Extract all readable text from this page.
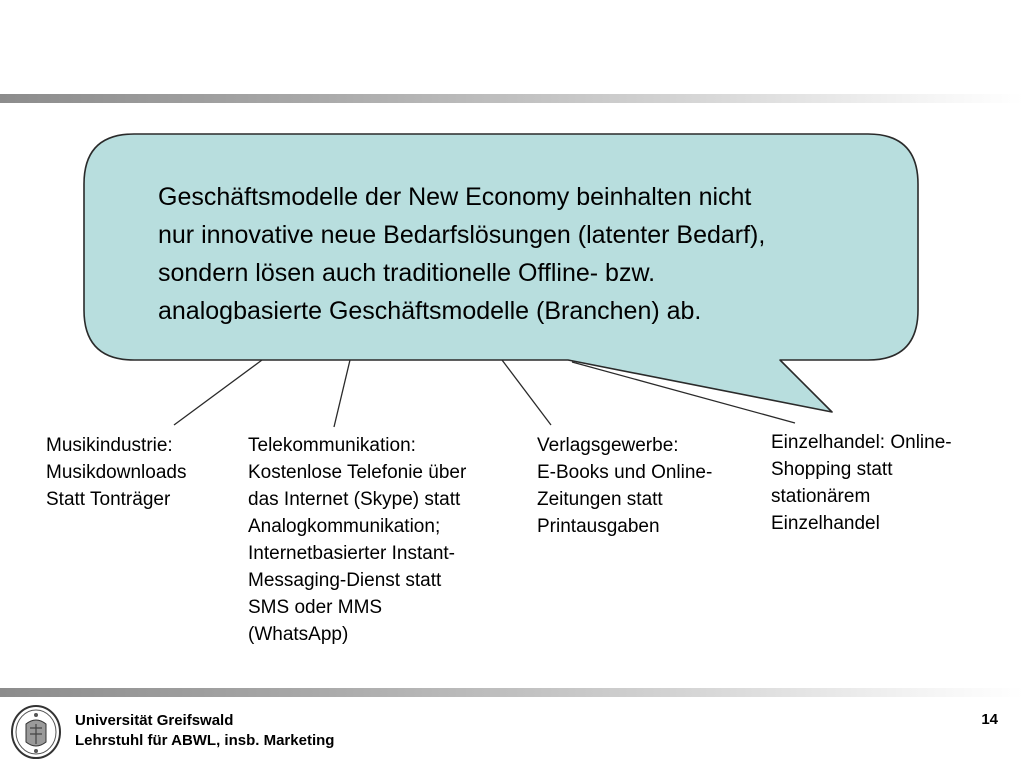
Geschäftsmodelle der New Economy beinhalten nicht
nur innovative neue Bedarfslösungen (latenter Bedarf),
sondern lösen auch traditionelle Offline- bzw.
analogbasierte Geschäftsmodelle (Branchen) ab.
Musikindustrie:
Musikdownloads
Statt Tonträger
Telekommunikation:
Kostenlose Telefonie über
das Internet (Skype) statt
Analogkommunikation;
Internetbasierter Instant-
Messaging-Dienst statt
SMS oder MMS
(WhatsApp)
Verlagsgewerbe:
E-Books und Online-
Zeitungen statt
Printausgaben
Einzelhandel: Online-
Shopping statt
stationärem
Einzelhandel
Universität Greifswald
Lehrstuhl für ABWL, insb. Marketing
14
